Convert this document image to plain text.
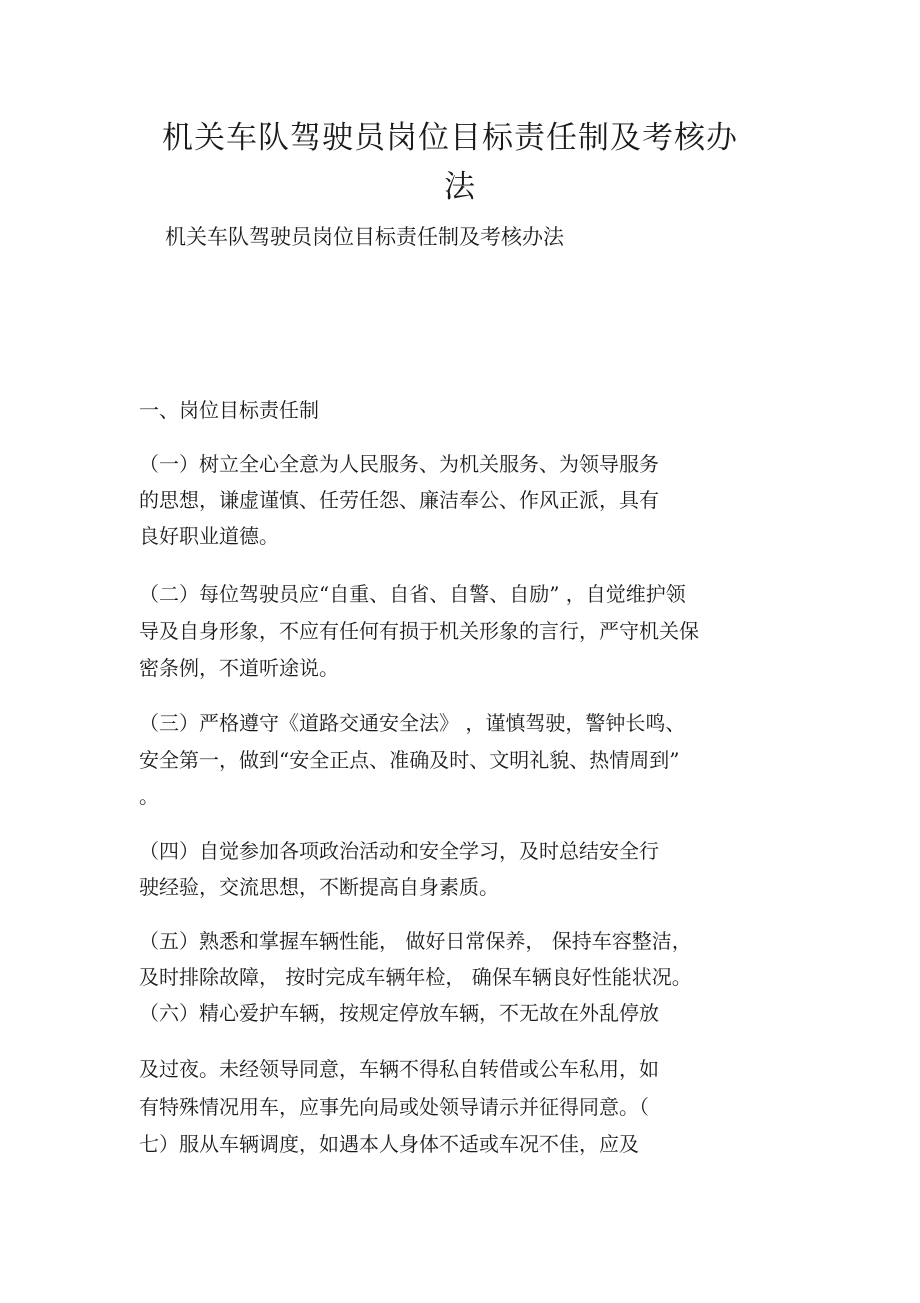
机关车队驾驶员岗位目标责任制及考核办
法
机关车队驾驶员岗位目标责任制及考核办法
一、岗位目标责任制
（一）树立全心全意为人民服务、为机关服务、为领导服务
的思想，谦虚谨慎、任劳任怨、廉洁奉公、作风正派，具有
良好职业道德。
（二）每位驾驶员应“自重、自省、自警、自励” ，自觉维护领
导及自身形象，不应有任何有损于机关形象的言行，严守机关保
密条例，不道听途说。
（三）严格遵守《道路交通安全法》 ，谨慎驾驶，警钟长鸣、
安全第一，做到“安全正点、准确及时、文明礼貌、热情周到”
。
（四）自觉参加各项政治活动和安全学习，及时总结安全行
驶经验，交流思想，不断提高自身素质。
（五）熟悉和掌握车辆性能， 做好日常保养， 保持车容整洁，
及时排除故障， 按时完成车辆年检， 确保车辆良好性能状况。
（六）精心爱护车辆，按规定停放车辆，不无故在外乱停放
及过夜。未经领导同意，车辆不得私自转借或公车私用，如
有特殊情况用车，应事先向局或处领导请示并征得同意。（
七）服从车辆调度，如遇本人身体不适或车况不佳，应及
